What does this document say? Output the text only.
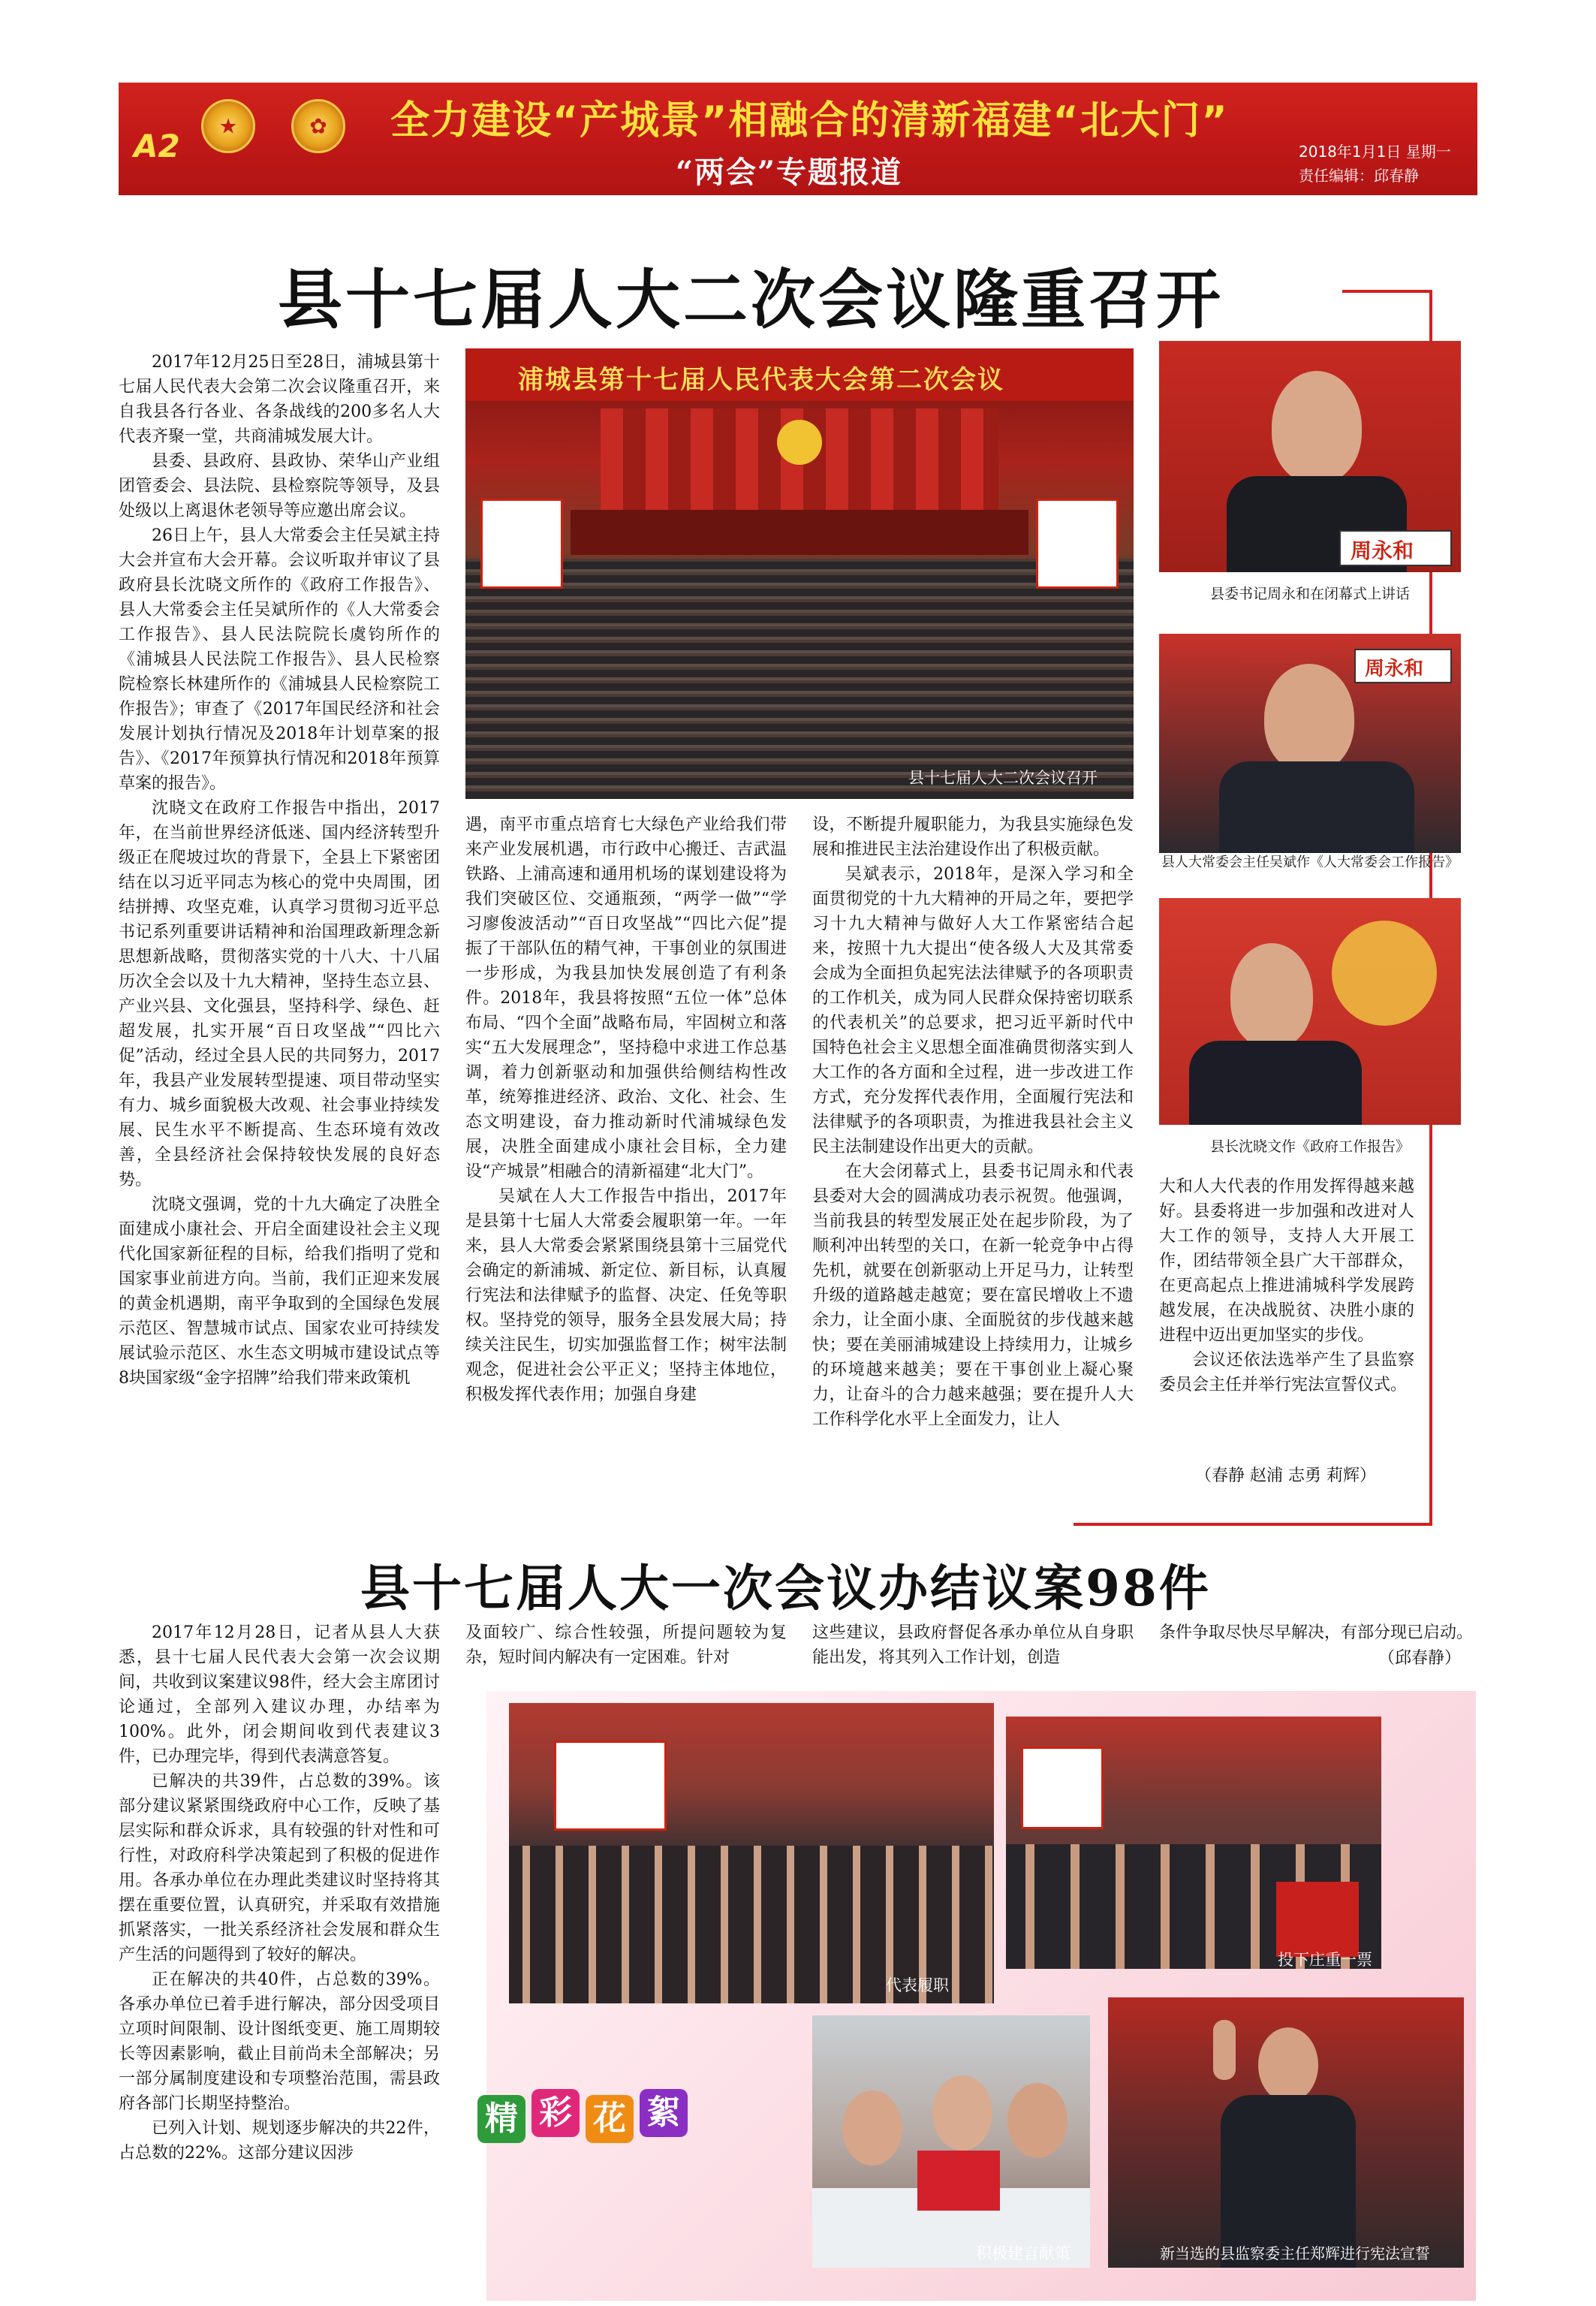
★	✿
A2
全力建设“产城景”相融合的清新福建“北大门”
“两会”专题报道
2018年1月1日 星期一
责任编辑：邱春静
县十七届人大二次会议隆重召开

2017年12月25日至28日，浦城县第十七届人民代表大会第二次会议隆重召开，来自我县各行各业、各条战线的200多名人大代表齐聚一堂，共商浦城发展大计。

县委、县政府、县政协、荣华山产业组团管委会、县法院、县检察院等领导，及县处级以上离退休老领导等应邀出席会议。

26日上午，县人大常委会主任吴斌主持大会并宣布大会开幕。会议听取并审议了县政府县长沈晓文所作的《政府工作报告》、县人大常委会主任吴斌所作的《人大常委会工作报告》、县人民法院院长虞钧所作的《浦城县人民法院工作报告》、县人民检察院检察长林建所作的《浦城县人民检察院工作报告》；审查了《2017年国民经济和社会发展计划执行情况及2018年计划草案的报告》、《2017年预算执行情况和2018年预算草案的报告》。

沈晓文在政府工作报告中指出，2017年，在当前世界经济低迷、国内经济转型升级正在爬坡过坎的背景下，全县上下紧密团结在以习近平同志为核心的党中央周围，团结拼搏、攻坚克难，认真学习贯彻习近平总书记系列重要讲话精神和治国理政新理念新思想新战略，贯彻落实党的十八大、十八届历次全会以及十九大精神，坚持生态立县、产业兴县、文化强县，坚持科学、绿色、赶超发展，扎实开展“百日攻坚战”“四比六促”活动，经过全县人民的共同努力，2017年，我县产业发展转型提速、项目带动坚实有力、城乡面貌极大改观、社会事业持续发展、民生水平不断提高、生态环境有效改善，全县经济社会保持较快发展的良好态势。

沈晓文强调，党的十九大确定了决胜全面建成小康社会、开启全面建设社会主义现代化国家新征程的目标，给我们指明了党和国家事业前进方向。当前，我们正迎来发展的黄金机遇期，南平争取到的全国绿色发展示范区、智慧城市试点、国家农业可持续发展试验示范区、水生态文明城市建设试点等8块国家级“金字招牌”给我们带来政策机

浦城县第十七届人民代表大会第二次会议
县十七届人大二次会议召开

遇，南平市重点培育七大绿色产业给我们带来产业发展机遇，市行政中心搬迁、吉武温铁路、上浦高速和通用机场的谋划建设将为我们突破区位、交通瓶颈，“两学一做”“学习廖俊波活动”“百日攻坚战”“四比六促”提振了干部队伍的精气神，干事创业的氛围进一步形成，为我县加快发展创造了有利条件。2018年，我县将按照“五位一体”总体布局、“四个全面”战略布局，牢固树立和落实“五大发展理念”，坚持稳中求进工作总基调，着力创新驱动和加强供给侧结构性改革，统筹推进经济、政治、文化、社会、生态文明建设，奋力推动新时代浦城绿色发展，决胜全面建成小康社会目标，全力建设“产城景”相融合的清新福建“北大门”。

吴斌在人大工作报告中指出，2017年是县第十七届人大常委会履职第一年。一年来，县人大常委会紧紧围绕县第十三届党代会确定的新浦城、新定位、新目标，认真履行宪法和法律赋予的监督、决定、任免等职权。坚持党的领导，服务全县发展大局；持续关注民生，切实加强监督工作；树牢法制观念，促进社会公平正义；坚持主体地位，积极发挥代表作用；加强自身建

设，不断提升履职能力，为我县实施绿色发展和推进民主法治建设作出了积极贡献。

吴斌表示，2018年，是深入学习和全面贯彻党的十九大精神的开局之年，要把学习十九大精神与做好人大工作紧密结合起来，按照十九大提出“使各级人大及其常委会成为全面担负起宪法法律赋予的各项职责的工作机关，成为同人民群众保持密切联系的代表机关”的总要求，把习近平新时代中国特色社会主义思想全面准确贯彻落实到人大工作的各方面和全过程，进一步改进工作方式，充分发挥代表作用，全面履行宪法和法律赋予的各项职责，为推进我县社会主义民主法制建设作出更大的贡献。

在大会闭幕式上，县委书记周永和代表县委对大会的圆满成功表示祝贺。他强调，当前我县的转型发展正处在起步阶段，为了顺利冲出转型的关口，在新一轮竞争中占得先机，就要在创新驱动上开足马力，让转型升级的道路越走越宽；要在富民增收上不遗余力，让全面小康、全面脱贫的步伐越来越快；要在美丽浦城建设上持续用力，让城乡的环境越来越美；要在干事创业上凝心聚力，让奋斗的合力越来越强；要在提升人大工作科学化水平上全面发力，让人

周永和
县委书记周永和在闭幕式上讲话
周永和
县人大常委会主任吴斌作《人大常委会工作报告》
县长沈晓文作《政府工作报告》

大和人大代表的作用发挥得越来越好。县委将进一步加强和改进对人大工作的领导，支持人大开展工作，团结带领全县广大干部群众，在更高起点上推进浦城科学发展跨越发展，在决战脱贫、决胜小康的进程中迈出更加坚实的步伐。

会议还依法选举产生了县监察委员会主任并举行宪法宣誓仪式。

（春静 赵浦 志勇 莉辉）
县十七届人大一次会议办结议案98件

2017年12月28日，记者从县人大获悉，县十七届人民代表大会第一次会议期间，共收到议案建议98件，经大会主席团讨论通过，全部列入建议办理，办结率为100%。此外，闭会期间收到代表建议3件，已办理完毕，得到代表满意答复。

已解决的共39件，占总数的39%。该部分建议紧紧围绕政府中心工作，反映了基层实际和群众诉求，具有较强的针对性和可行性，对政府科学决策起到了积极的促进作用。各承办单位在办理此类建议时坚持将其摆在重要位置，认真研究，并采取有效措施抓紧落实，一批关系经济社会发展和群众生产生活的问题得到了较好的解决。

正在解决的共40件，占总数的39%。各承办单位已着手进行解决，部分因受项目立项时间限制、设计图纸变更、施工周期较长等因素影响，截止目前尚未全部解决；另一部分属制度建设和专项整治范围，需县政府各部门长期坚持整治。

已列入计划、规划逐步解决的共22件，占总数的22%。这部分建议因涉

及面较广、综合性较强，所提问题较为复杂，短时间内解决有一定困难。针对

这些建议，县政府督促各承办单位从自身职能出发，将其列入工作计划，创造

条件争取尽快尽早解决，有部分现已启动。

（邱春静）
代表履职
投下庄重一票
精 彩 花 絮
积极建言献策	新当选的县监察委主任郑辉进行宪法宣誓
